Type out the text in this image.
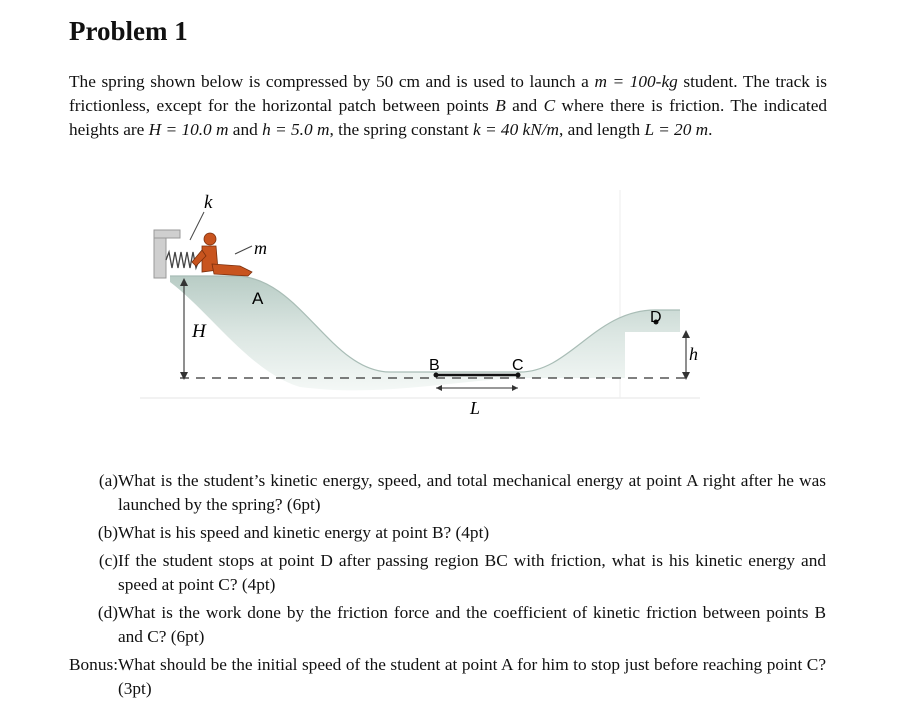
Problem 1
The spring shown below is compressed by 50 cm and is used to launch a m = 100-kg student. The track is frictionless, except for the horizontal patch between points B and C where there is friction. The indicated heights are H = 10.0 m and h = 5.0 m, the spring constant k = 40 kN/m, and length L = 20 m.
k
m
A
H
B	C
D
h
L
(a) What is the student’s kinetic energy, speed, and total mechanical energy at point A right after he was launched by the spring? (6pt)
(b) What is his speed and kinetic energy at point B? (4pt)
(c) If the student stops at point D after passing region BC with friction, what is his kinetic energy and speed at point C? (4pt)
(d) What is the work done by the friction force and the coefficient of kinetic friction between points B and C? (6pt)
Bonus: What should be the initial speed of the student at point A for him to stop just before reaching point C? (3pt)
